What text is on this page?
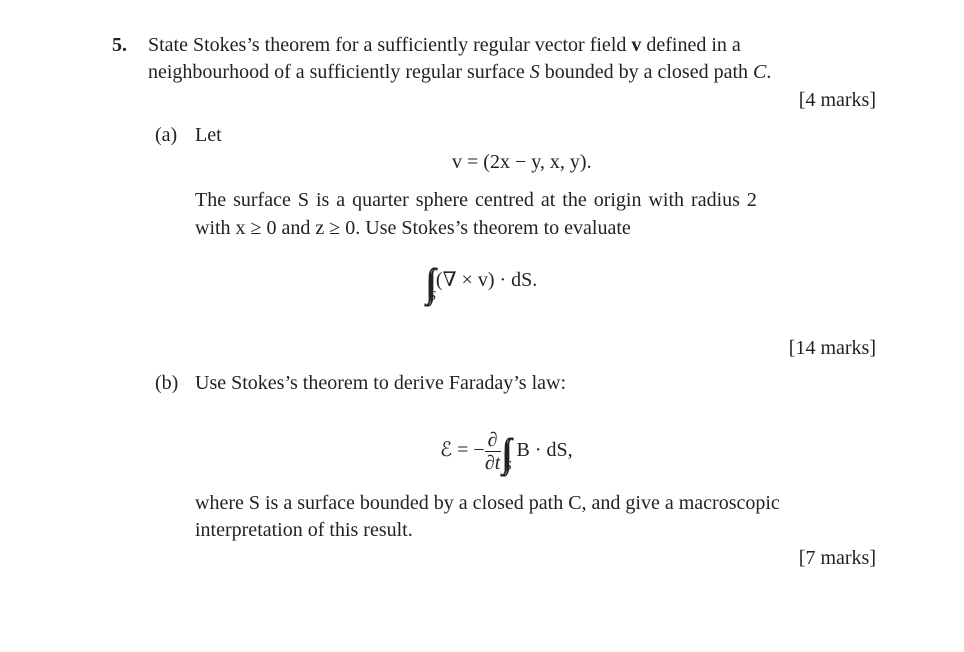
5. State Stokes’s theorem for a sufficiently regular vector field v defined in a
neighbourhood of a sufficiently regular surface S bounded by a closed path C.
[4 marks]
(a) Let
v = (2x − y, x, y).
The surface S is a quarter sphere centred at the origin with radius 2
with x ≥ 0 and z ≥ 0. Use Stokes’s theorem to evaluate
$\int\int_S(\nabla \times v)$ · dS.
[14 marks]
(b) Use Stokes’s theorem to derive Faraday’s law:
ℰ = − $\frac{\partial}{\partial t} \int\int_S$ B · dS,
where S is a surface bounded by a closed path C, and give a macroscopic
interpretation of this result.
[7 marks]
